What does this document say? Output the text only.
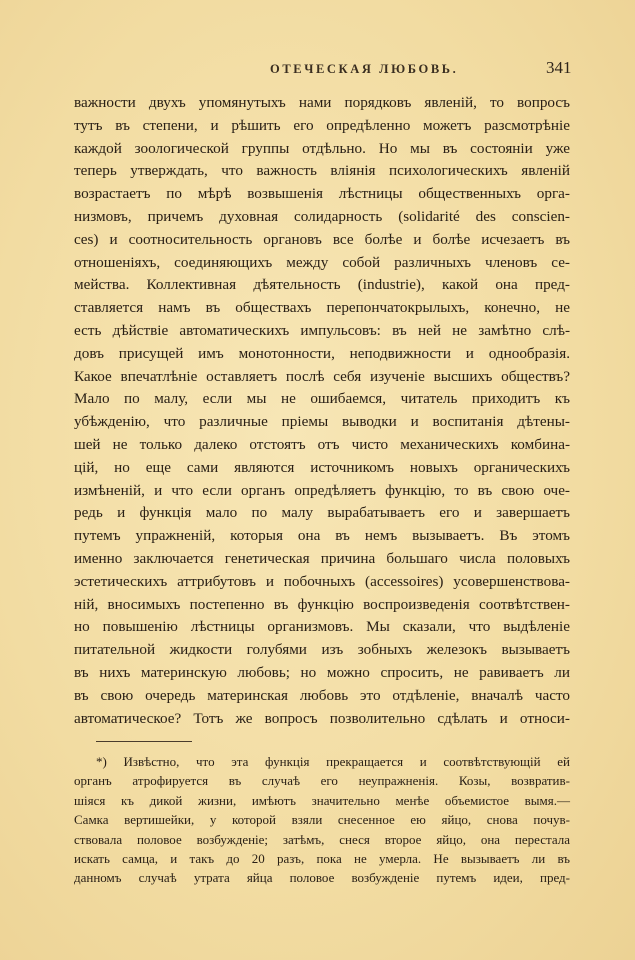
ОТЕЧЕСКАЯ ЛЮБОВЬ.	341
важности двухъ упомянутыхъ нами порядковъ явленій, то вопросъ
тутъ въ степени, и рѣшить его опредѣленно можетъ разсмотрѣніе
каждой зоологической группы отдѣльно. Но мы въ состояніи уже
теперь утверждать, что важность вліянія психологическихъ явленій
возрастаетъ по мѣрѣ возвышенія лѣстницы общественныхъ орга-
низмовъ, причемъ духовная солидарность (solidarité des conscien-
ces) и соотносительность органовъ все болѣе и болѣе исчезаетъ въ
отношеніяхъ, соединяющихъ между собой различныхъ членовъ се-
мейства. Коллективная дѣятельность (industrie), какой она пред-
ставляется намъ въ обществахъ перепончатокрылыхъ, конечно, не
есть дѣйствіе автоматическихъ импульсовъ: въ ней не замѣтно слѣ-
довъ присущей имъ монотонности, неподвижности и однообразія.
Какое впечатлѣніе оставляетъ послѣ себя изученіе высшихъ обществъ?
Мало по малу, если мы не ошибаемся, читатель приходитъ къ
убѣжденію, что различные пріемы выводки и воспитанія дѣтены-
шей не только далеко отстоятъ отъ чисто механическихъ комбина-
цій, но еще сами являются источникомъ новыхъ органическихъ
измѣненій, и что если органъ опредѣляетъ функцію, то въ свою оче-
редь и функція мало по малу вырабатываетъ его и завершаетъ
путемъ упражненій, которыя она въ немъ вызываетъ. Въ этомъ
именно заключается генетическая причина большаго числа половыхъ
эстетическихъ аттрибутовъ и побочныхъ (accessoires) усовершенствова-
ній, вносимыхъ постепенно въ функцію воспроизведенія соотвѣтствен-
но повышенію лѣстницы организмовъ. Мы сказали, что выдѣленіе
питательной жидкости голубями изъ зобныхъ железокъ вызываетъ
въ нихъ материнскую любовь; но можно спросить, не равиваетъ ли
въ свою очередь материнская любовь это отдѣленіе, вначалѣ часто
автоматическое? Тотъ же вопросъ позволительно сдѣлать и относи-
*) Извѣстно, что эта функція прекращается и соотвѣтствующій ей
органъ атрофируется въ случаѣ его неупражненія. Козы, возвратив-
шіяся къ дикой жизни, имѣютъ значительно менѣе объемистое вымя.—
Самка вертишейки, у которой взяли снесенное ею яйцо, снова почув-
ствовала половое возбужденіе; затѣмъ, снеся второе яйцо, она перестала
искать самца, и такъ до 20 разъ, пока не умерла. Не вызываетъ ли въ
данномъ случаѣ утрата яйца половое возбужденіе путемъ идеи, пред-
